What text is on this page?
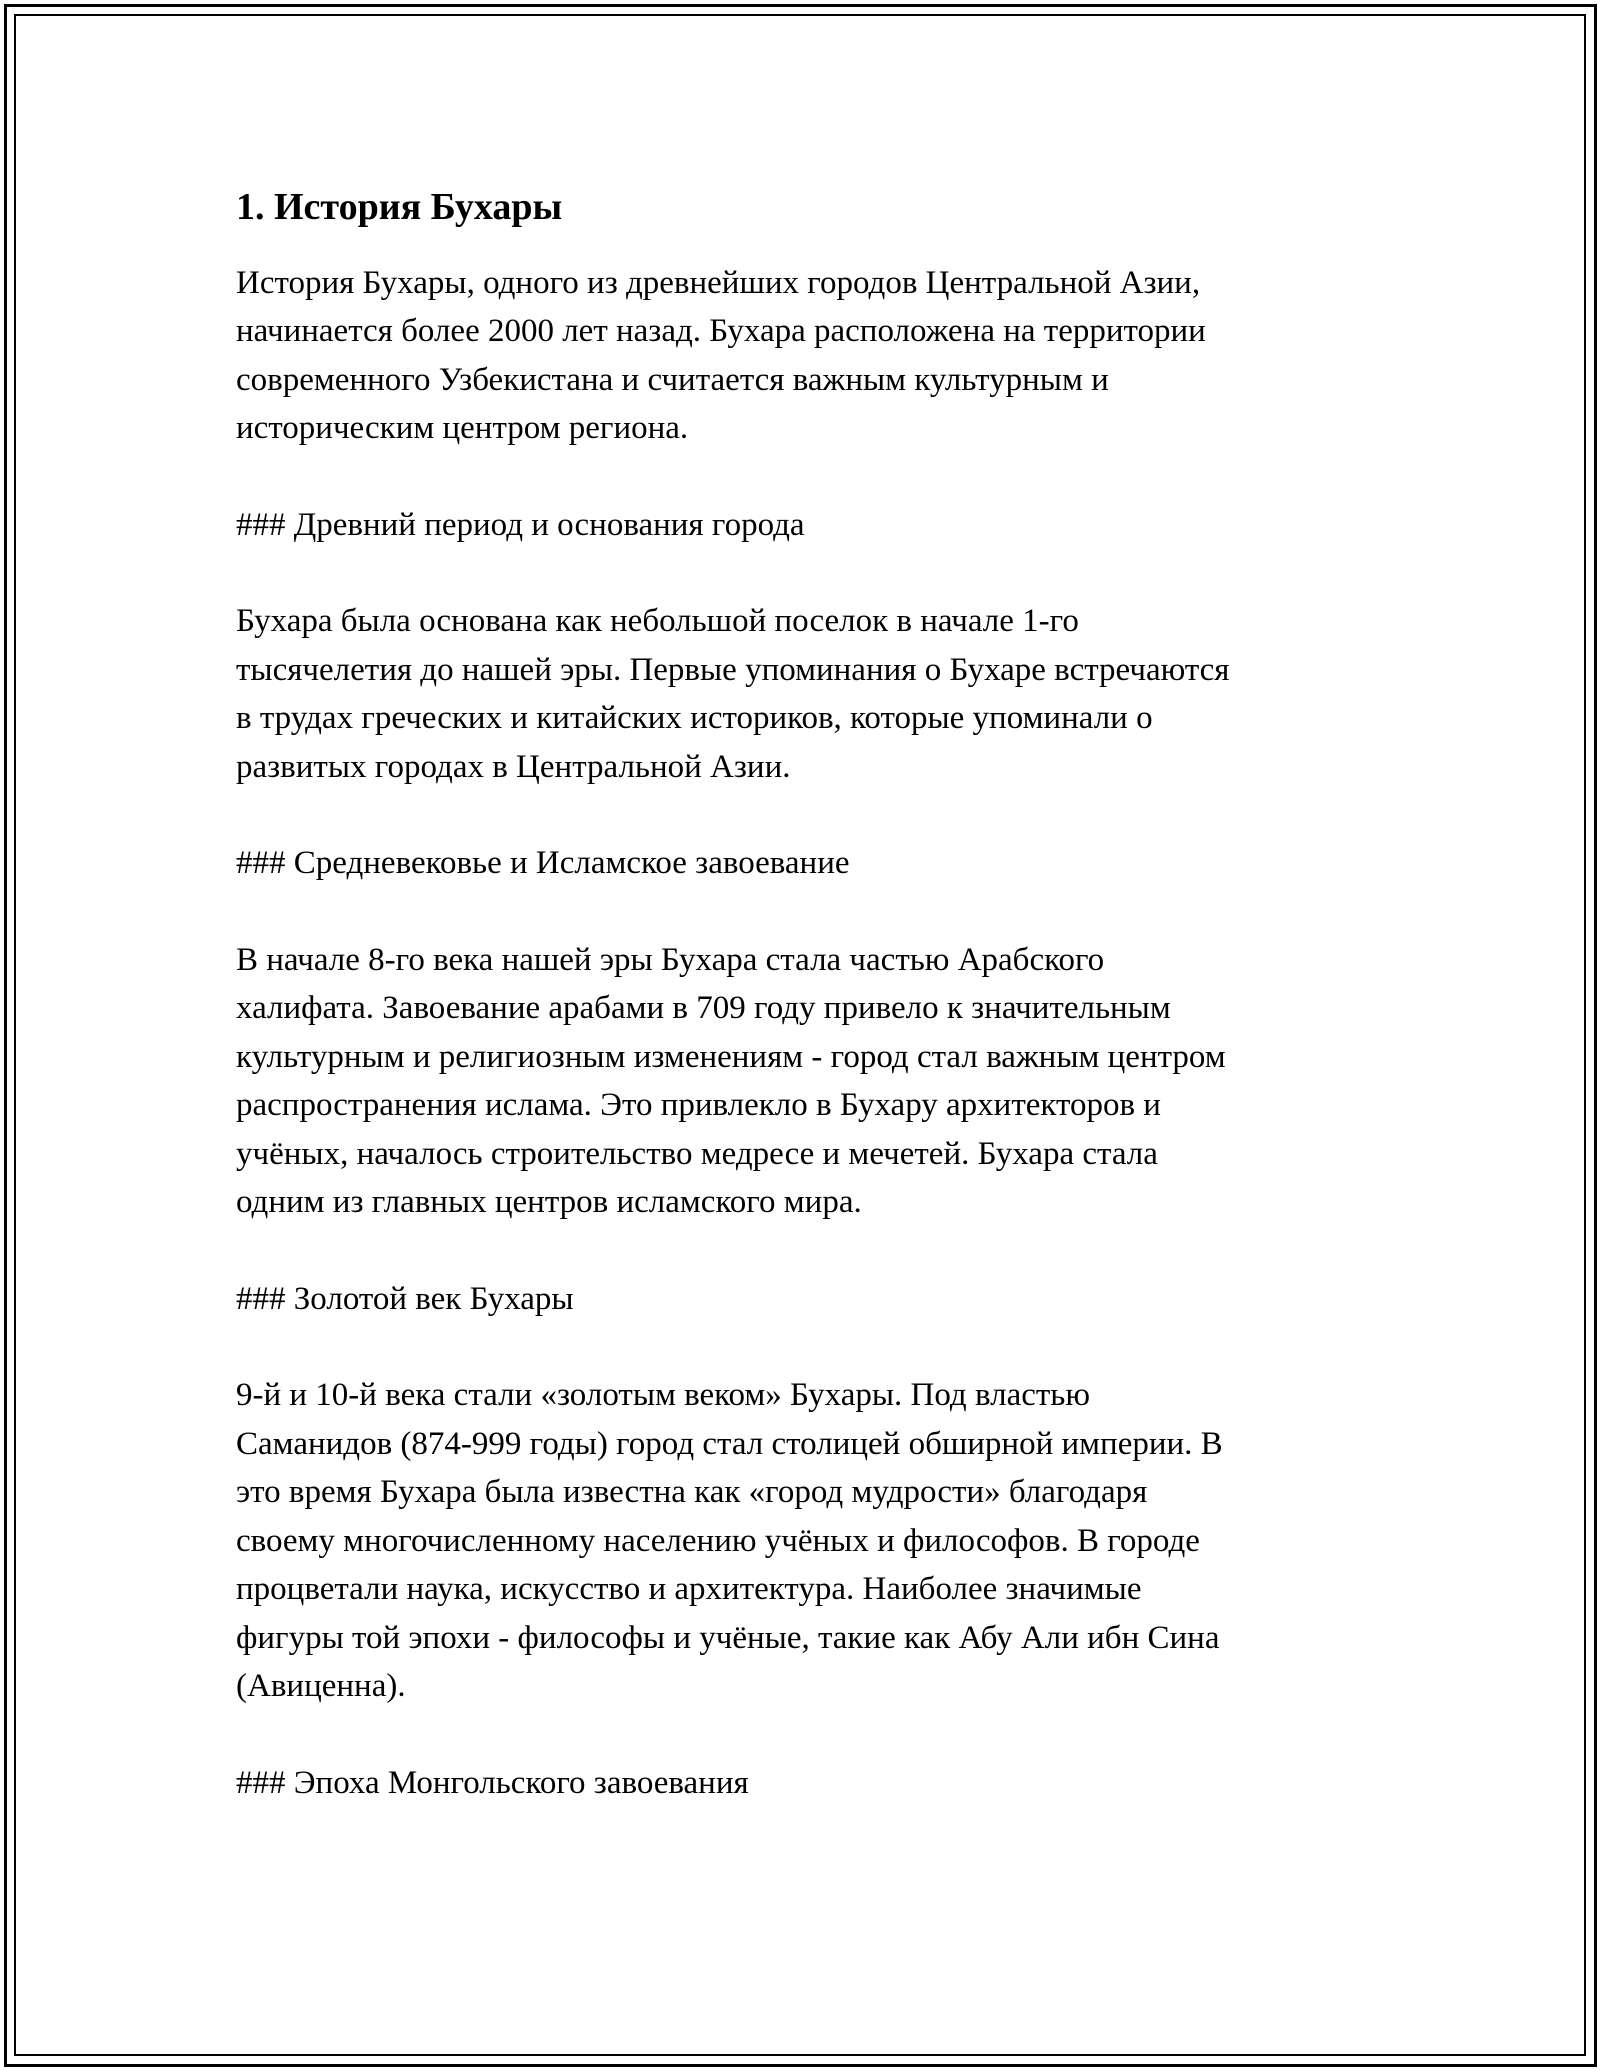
1. История Бухары

История Бухары, одного из древнейших городов Центральной Азии,
начинается более 2000 лет назад. Бухара расположена на территории
современного Узбекистана и считается важным культурным и
историческим центром региона.

### Древний период и основания города

Бухара была основана как небольшой поселок в начале 1-го
тысячелетия до нашей эры. Первые упоминания о Бухаре встречаются
в трудах греческих и китайских историков, которые упоминали о
развитых городах в Центральной Азии.

### Средневековье и Исламское завоевание

В начале 8-го века нашей эры Бухара стала частью Арабского
халифата. Завоевание арабами в 709 году привело к значительным
культурным и религиозным изменениям - город стал важным центром
распространения ислама. Это привлекло в Бухару архитекторов и
учёных, началось строительство медресе и мечетей. Бухара стала
одним из главных центров исламского мира.

### Золотой век Бухары

9-й и 10-й века стали «золотым веком» Бухары. Под властью
Саманидов (874-999 годы) город стал столицей обширной империи. В
это время Бухара была известна как «город мудрости» благодаря
своему многочисленному населению учёных и философов. В городе
процветали наука, искусство и архитектура. Наиболее значимые
фигуры той эпохи - философы и учёные, такие как Абу Али ибн Сина
(Авиценна).

### Эпоха Монгольского завоевания
